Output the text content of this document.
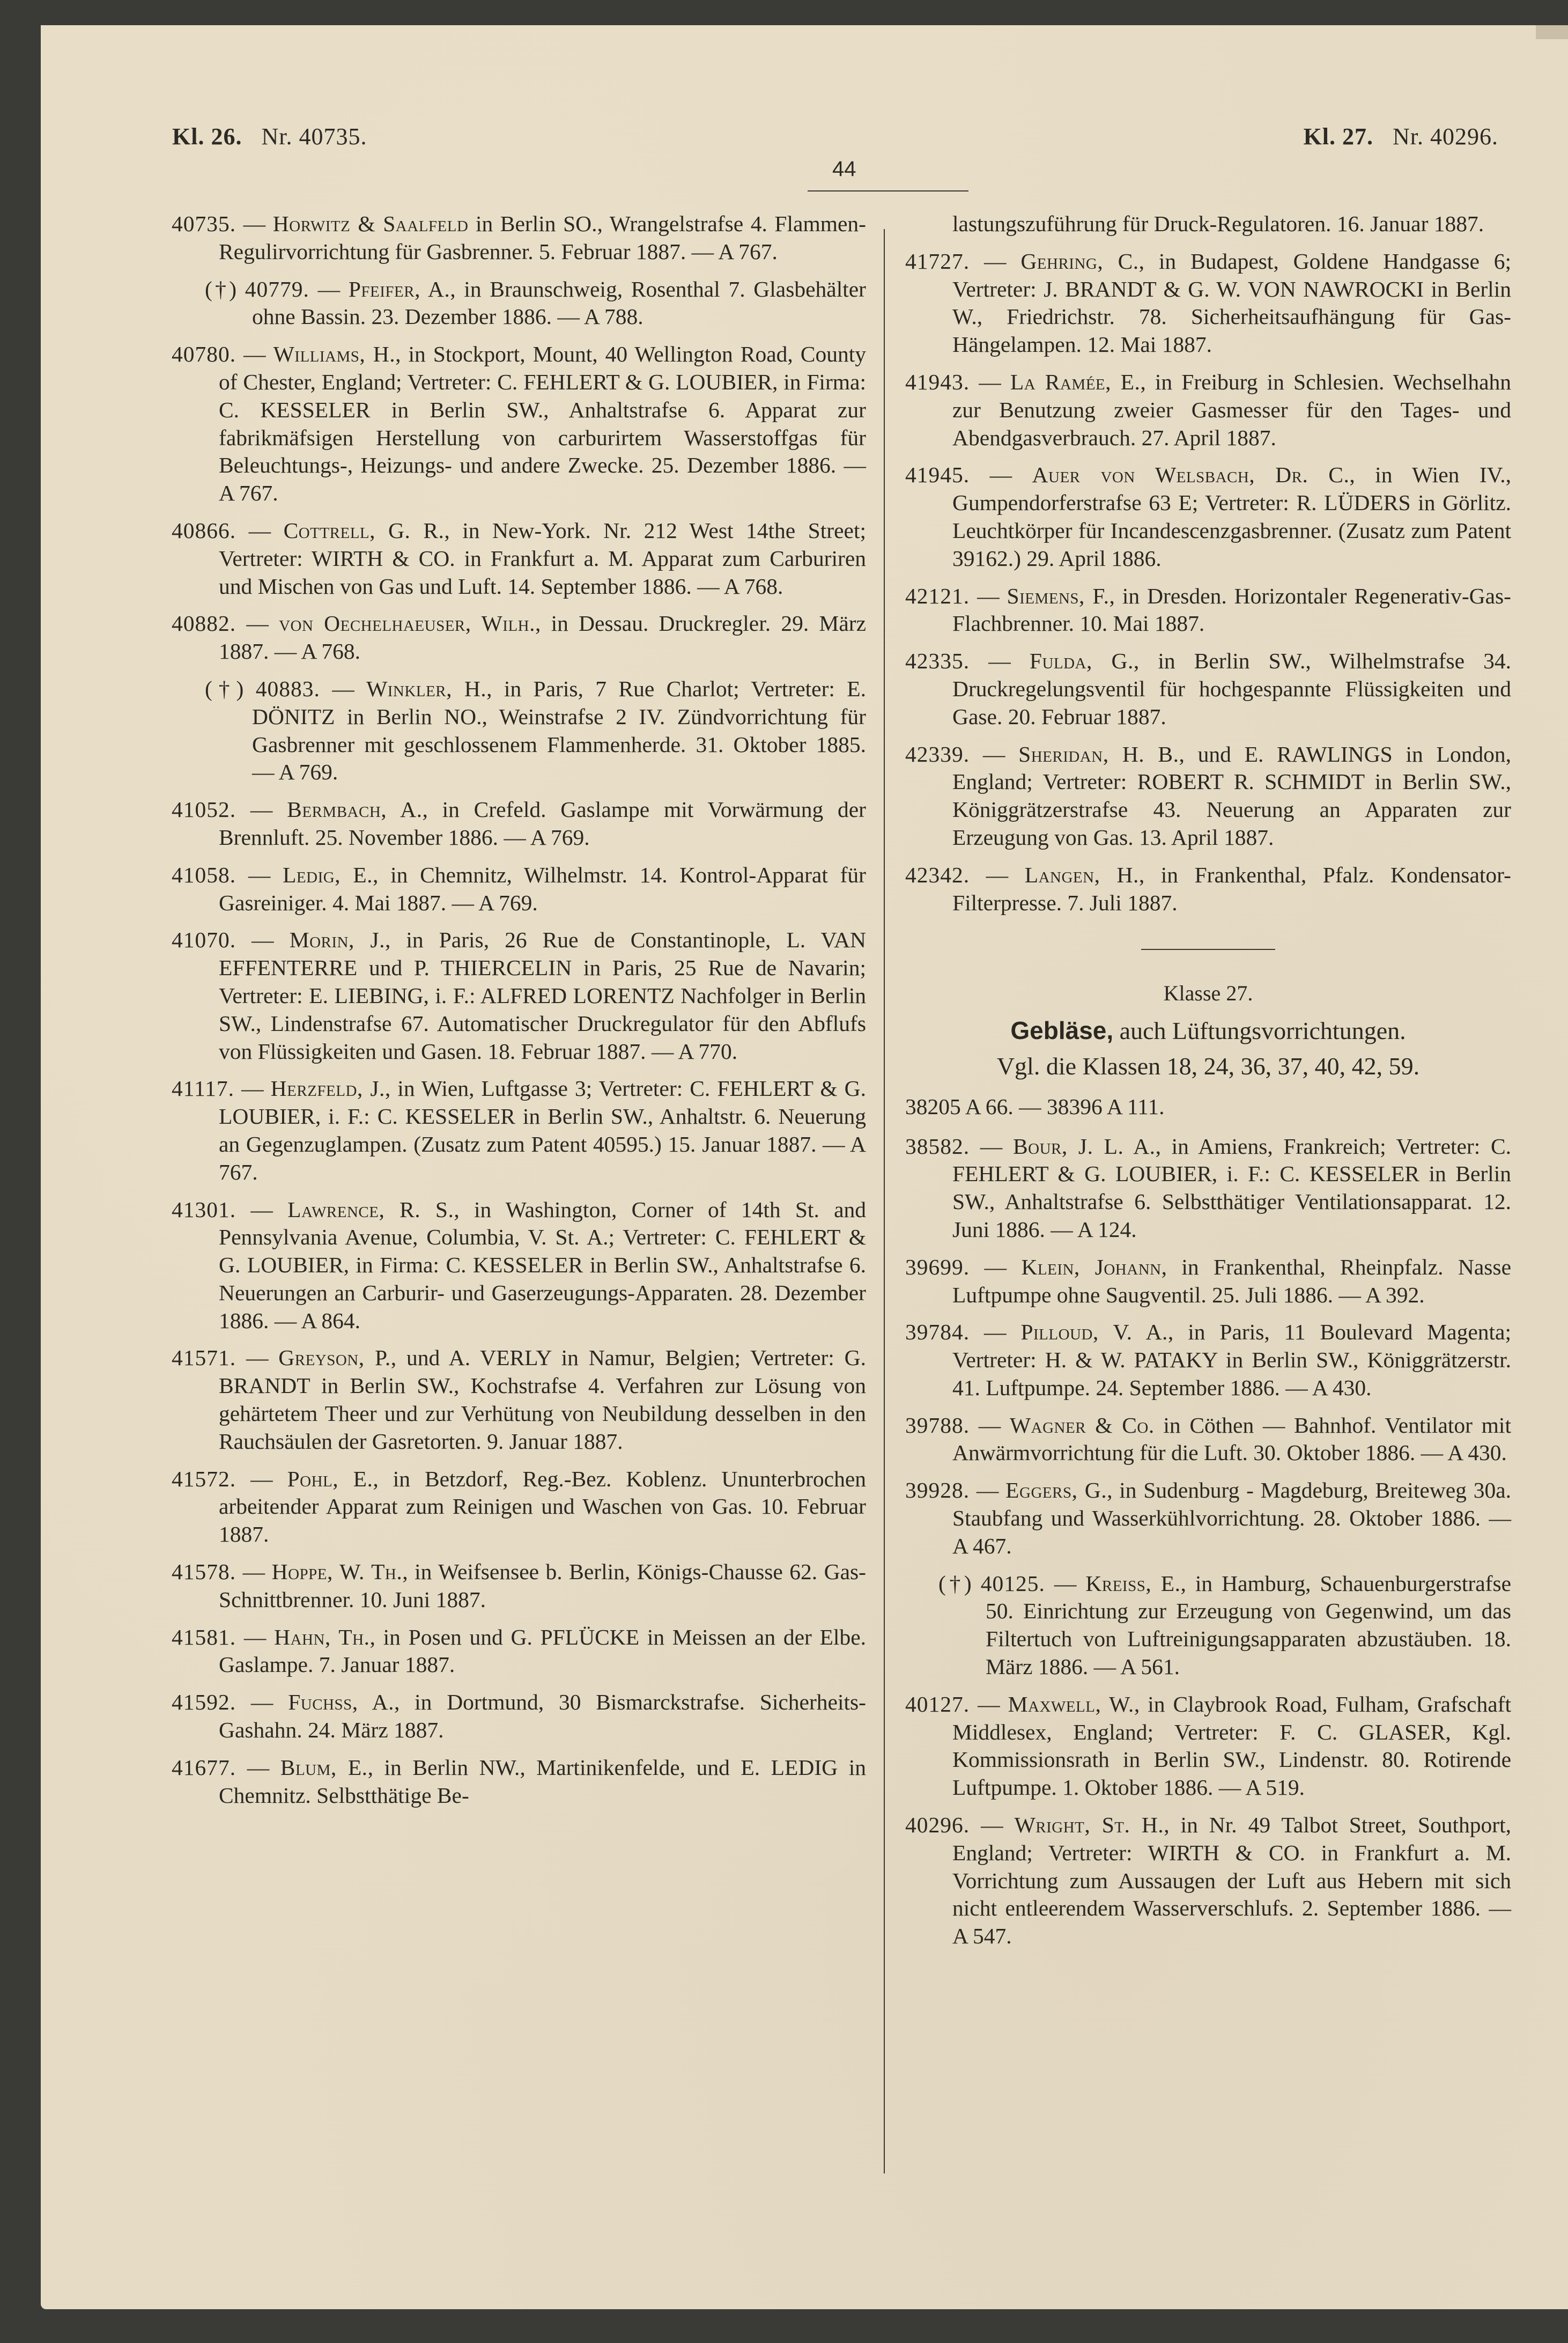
Kl. 26. Nr. 40735.
44
Kl. 27. Nr. 40296.
40735. — Horwitz & Saalfeld in Berlin SO., Wrangelstrafse 4. Flammen-Regulirvorrichtung für Gasbrenner. 5. Februar 1887. — A 767.
(†) 40779. — Pfeifer, A., in Braunschweig, Rosenthal 7. Glasbehälter ohne Bassin. 23. Dezember 1886. — A 788.
40780. — Williams, H., in Stockport, Mount, 40 Wellington Road, County of Chester, England; Vertreter: C. FEHLERT & G. LOUBIER, in Firma: C. KESSELER in Berlin SW., Anhaltstrafse 6. Apparat zur fabrikmäfsigen Herstellung von carburirtem Wasserstoffgas für Beleuchtungs-, Heizungs- und andere Zwecke. 25. Dezember 1886. — A 767.
40866. — Cottrell, G. R., in New-York. Nr. 212 West 14the Street; Vertreter: WIRTH & CO. in Frankfurt a. M. Apparat zum Carburiren und Mischen von Gas und Luft. 14. September 1886. — A 768.
40882. — von Oechelhaeuser, Wilh., in Dessau. Druckregler. 29. März 1887. — A 768.
(†) 40883. — Winkler, H., in Paris, 7 Rue Charlot; Vertreter: E. DÖNITZ in Berlin NO., Weinstrafse 2 IV. Zündvorrichtung für Gasbrenner mit geschlossenem Flammenherde. 31. Oktober 1885. — A 769.
41052. — Bermbach, A., in Crefeld. Gaslampe mit Vorwärmung der Brennluft. 25. November 1886. — A 769.
41058. — Ledig, E., in Chemnitz, Wilhelmstr. 14. Kontrol-Apparat für Gasreiniger. 4. Mai 1887. — A 769.
41070. — Morin, J., in Paris, 26 Rue de Constantinople, L. VAN EFFENTERRE und P. THIERCELIN in Paris, 25 Rue de Navarin; Vertreter: E. LIEBING, i. F.: ALFRED LORENTZ Nachfolger in Berlin SW., Lindenstrafse 67. Automatischer Druckregulator für den Abflufs von Flüssigkeiten und Gasen. 18. Februar 1887. — A 770.
41117. — Herzfeld, J., in Wien, Luftgasse 3; Vertreter: C. FEHLERT & G. LOUBIER, i. F.: C. KESSELER in Berlin SW., Anhaltstr. 6. Neuerung an Gegenzuglampen. (Zusatz zum Patent 40595.) 15. Januar 1887. — A 767.
41301. — Lawrence, R. S., in Washington, Corner of 14th St. and Pennsylvania Avenue, Columbia, V. St. A.; Vertreter: C. FEHLERT & G. LOUBIER, in Firma: C. KESSELER in Berlin SW., Anhaltstrafse 6. Neuerungen an Carburir- und Gaserzeugungs-Apparaten. 28. Dezember 1886. — A 864.
41571. — Greyson, P., und A. VERLY in Namur, Belgien; Vertreter: G. BRANDT in Berlin SW., Kochstrafse 4. Verfahren zur Lösung von gehärtetem Theer und zur Verhütung von Neubildung desselben in den Rauchsäulen der Gasretorten. 9. Januar 1887.
41572. — Pohl, E., in Betzdorf, Reg.-Bez. Koblenz. Ununterbrochen arbeitender Apparat zum Reinigen und Waschen von Gas. 10. Februar 1887.
41578. — Hoppe, W. Th., in Weifsensee b. Berlin, Königs-Chausse 62. Gas-Schnittbrenner. 10. Juni 1887.
41581. — Hahn, Th., in Posen und G. PFLÜCKE in Meissen an der Elbe. Gaslampe. 7. Januar 1887.
41592. — Fuchss, A., in Dortmund, 30 Bismarckstrafse. Sicherheits-Gashahn. 24. März 1887.
41677. — Blum, E., in Berlin NW., Martinikenfelde, und E. LEDIG in Chemnitz. Selbstthätige Be-
lastungszuführung für Druck-Regulatoren. 16. Januar 1887.
41727. — Gehring, C., in Budapest, Goldene Handgasse 6; Vertreter: J. BRANDT & G. W. VON NAWROCKI in Berlin W., Friedrichstr. 78. Sicherheitsaufhängung für Gas-Hängelampen. 12. Mai 1887.
41943. — La Ramée, E., in Freiburg in Schlesien. Wechselhahn zur Benutzung zweier Gasmesser für den Tages- und Abendgasverbrauch. 27. April 1887.
41945. — Auer von Welsbach, Dr. C., in Wien IV., Gumpendorferstrafse 63 E; Vertreter: R. LÜDERS in Görlitz. Leuchtkörper für Incandescenzgasbrenner. (Zusatz zum Patent 39162.) 29. April 1886.
42121. — Siemens, F., in Dresden. Horizontaler Regenerativ-Gas-Flachbrenner. 10. Mai 1887.
42335. — Fulda, G., in Berlin SW., Wilhelmstrafse 34. Druckregelungsventil für hochgespannte Flüssigkeiten und Gase. 20. Februar 1887.
42339. — Sheridan, H. B., und E. RAWLINGS in London, England; Vertreter: ROBERT R. SCHMIDT in Berlin SW., Königgrätzerstrafse 43. Neuerung an Apparaten zur Erzeugung von Gas. 13. April 1887.
42342. — Langen, H., in Frankenthal, Pfalz. Kondensator-Filterpresse. 7. Juli 1887.
Klasse 27.
Gebläse, auch Lüftungsvorrichtungen.
Vgl. die Klassen 18, 24, 36, 37, 40, 42, 59.
38205 A 66. — 38396 A 111.
38582. — Bour, J. L. A., in Amiens, Frankreich; Vertreter: C. FEHLERT & G. LOUBIER, i. F.: C. KESSELER in Berlin SW., Anhaltstrafse 6. Selbstthätiger Ventilationsapparat. 12. Juni 1886. — A 124.
39699. — Klein, Johann, in Frankenthal, Rheinpfalz. Nasse Luftpumpe ohne Saugventil. 25. Juli 1886. — A 392.
39784. — Pilloud, V. A., in Paris, 11 Boulevard Magenta; Vertreter: H. & W. PATAKY in Berlin SW., Königgrätzerstr. 41. Luftpumpe. 24. September 1886. — A 430.
39788. — Wagner & Co. in Cöthen — Bahnhof. Ventilator mit Anwärmvorrichtung für die Luft. 30. Oktober 1886. — A 430.
39928. — Eggers, G., in Sudenburg - Magdeburg, Breiteweg 30a. Staubfang und Wasserkühlvorrichtung. 28. Oktober 1886. — A 467.
(†) 40125. — Kreiss, E., in Hamburg, Schauenburgerstrafse 50. Einrichtung zur Erzeugung von Gegenwind, um das Filtertuch von Luftreinigungsapparaten abzustäuben. 18. März 1886. — A 561.
40127. — Maxwell, W., in Claybrook Road, Fulham, Grafschaft Middlesex, England; Vertreter: F. C. GLASER, Kgl. Kommissionsrath in Berlin SW., Lindenstr. 80. Rotirende Luftpumpe. 1. Oktober 1886. — A 519.
40296. — Wright, St. H., in Nr. 49 Talbot Street, Southport, England; Vertreter: WIRTH & CO. in Frankfurt a. M. Vorrichtung zum Aussaugen der Luft aus Hebern mit sich nicht entleerendem Wasserverschlufs. 2. September 1886. — A 547.
